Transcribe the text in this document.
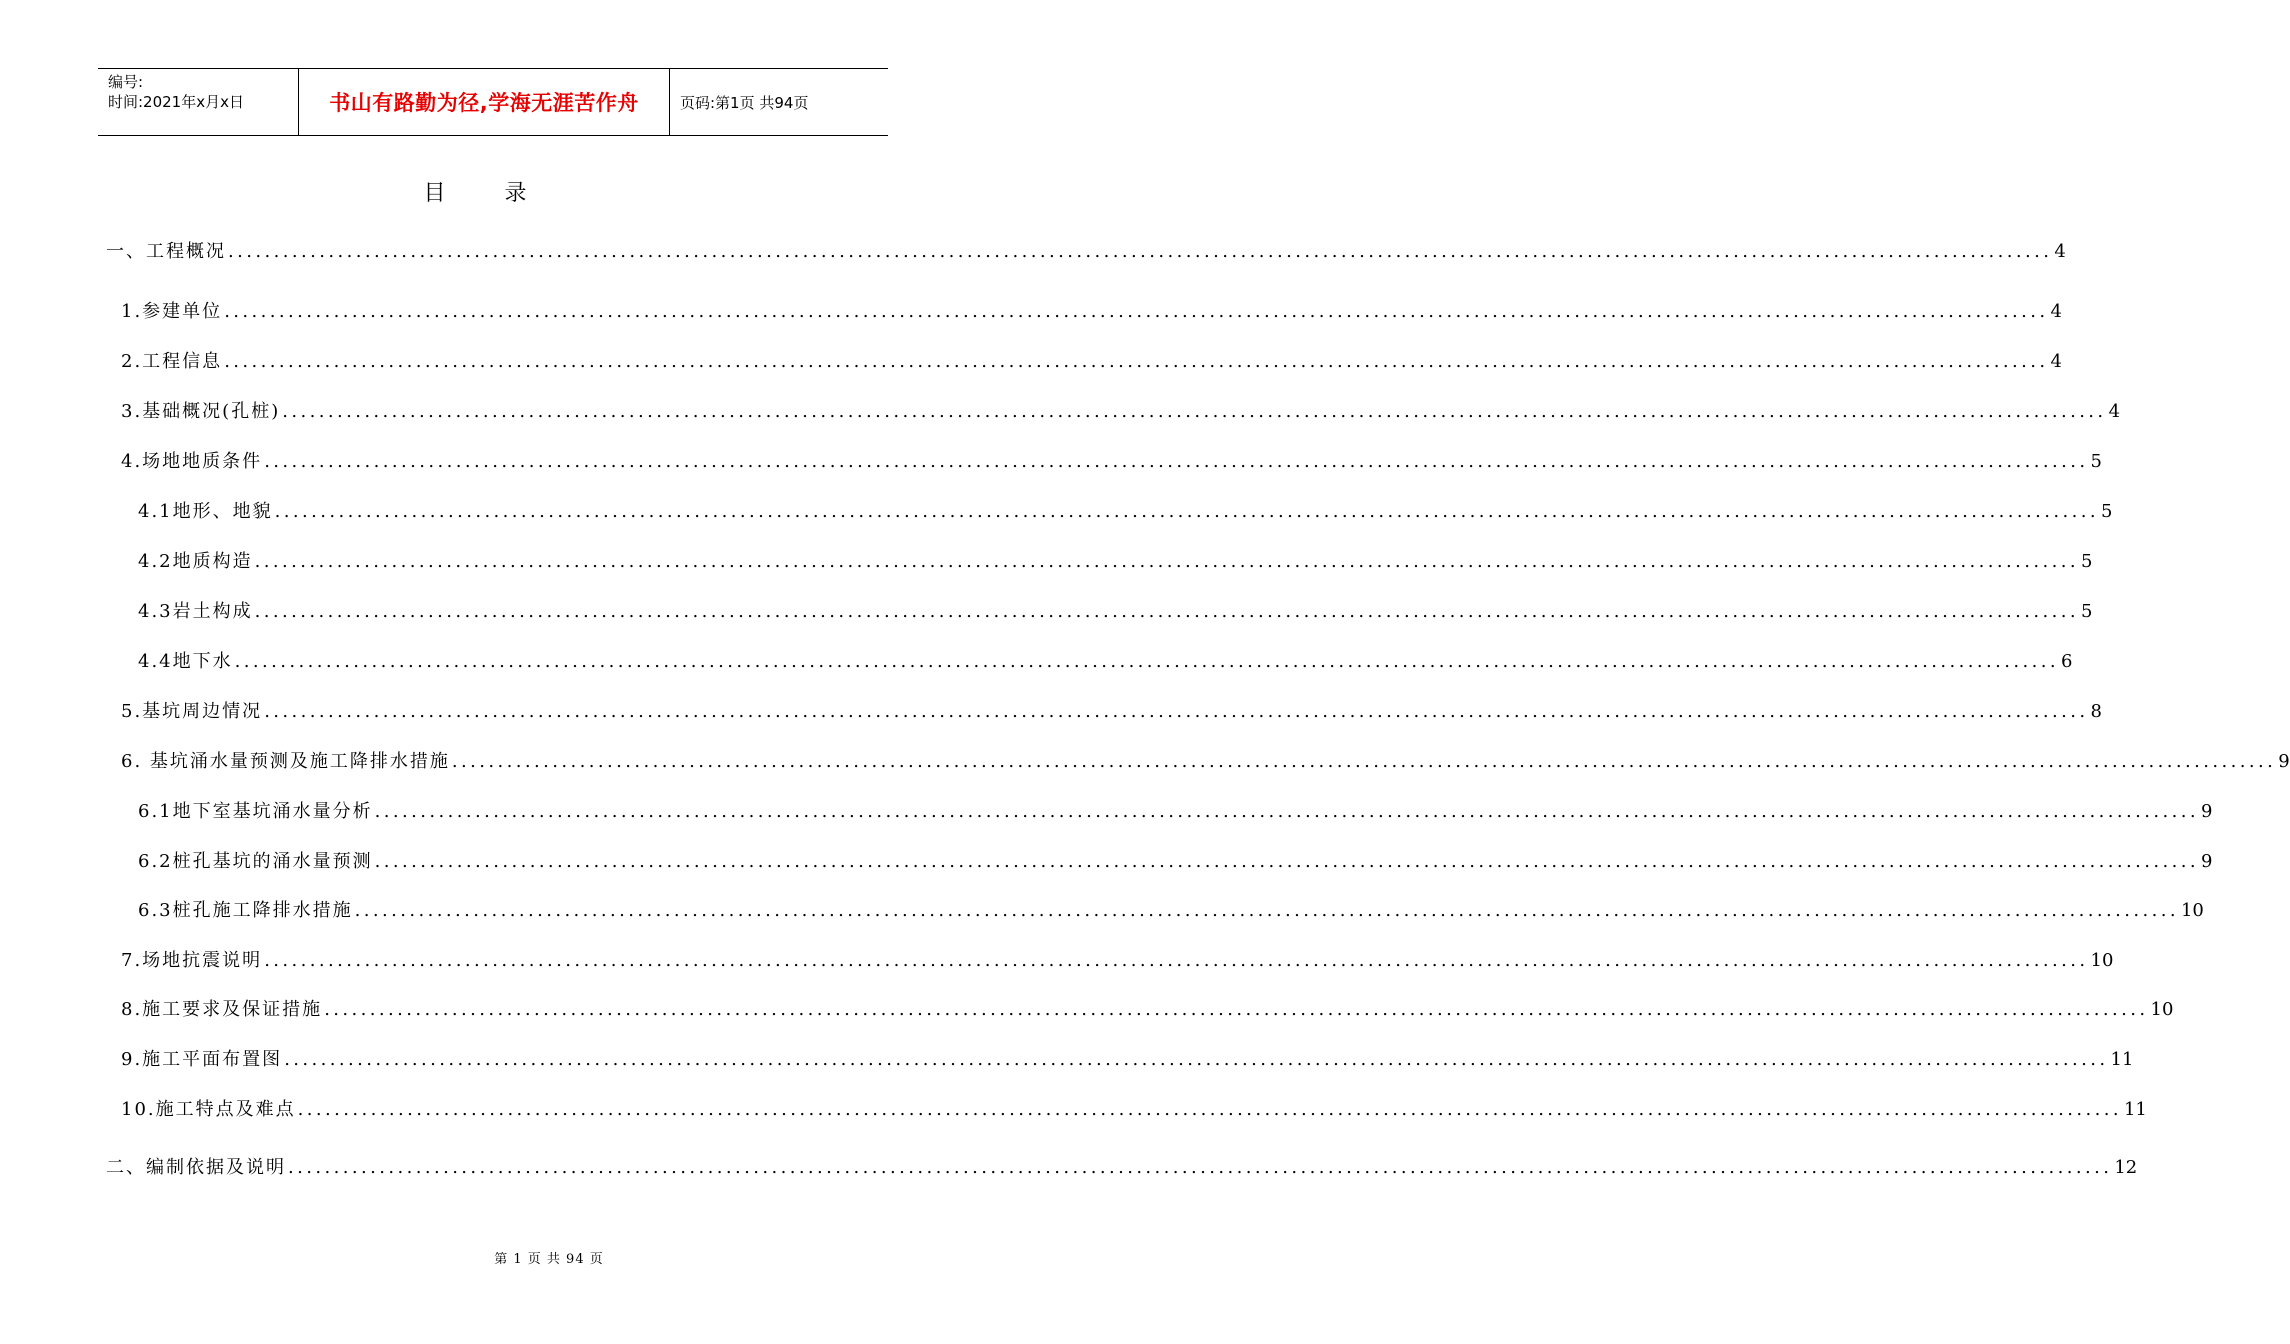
编号:
时间:2021年x月x日	书山有路勤为径,学海无涯苦作舟	页码:第1页 共94页
目 录
一、工程概况 ........................................................................................................................................................................................................ 4
1.参建单位 ........................................................................................................................................................................................................ 4
2.工程信息 ........................................................................................................................................................................................................ 4
3.基础概况(孔桩) ........................................................................................................................................................................................................ 4
4.场地地质条件 ........................................................................................................................................................................................................ 5
4.1地形、地貌 ........................................................................................................................................................................................................ 5
4.2地质构造 ........................................................................................................................................................................................................ 5
4.3岩土构成 ........................................................................................................................................................................................................ 5
4.4地下水 ........................................................................................................................................................................................................ 6
5.基坑周边情况 ........................................................................................................................................................................................................ 8
6. 基坑涌水量预测及施工降排水措施 ........................................................................................................................................................................................................ 9
6.1地下室基坑涌水量分析 ........................................................................................................................................................................................................ 9
6.2桩孔基坑的涌水量预测 ........................................................................................................................................................................................................ 9
6.3桩孔施工降排水措施 ........................................................................................................................................................................................................ 10
7.场地抗震说明 ........................................................................................................................................................................................................ 10
8.施工要求及保证措施 ........................................................................................................................................................................................................ 10
9.施工平面布置图 ........................................................................................................................................................................................................ 11
10.施工特点及难点 ........................................................................................................................................................................................................ 11
二、编制依据及说明 ........................................................................................................................................................................................................ 12
第 1 页 共 94 页
